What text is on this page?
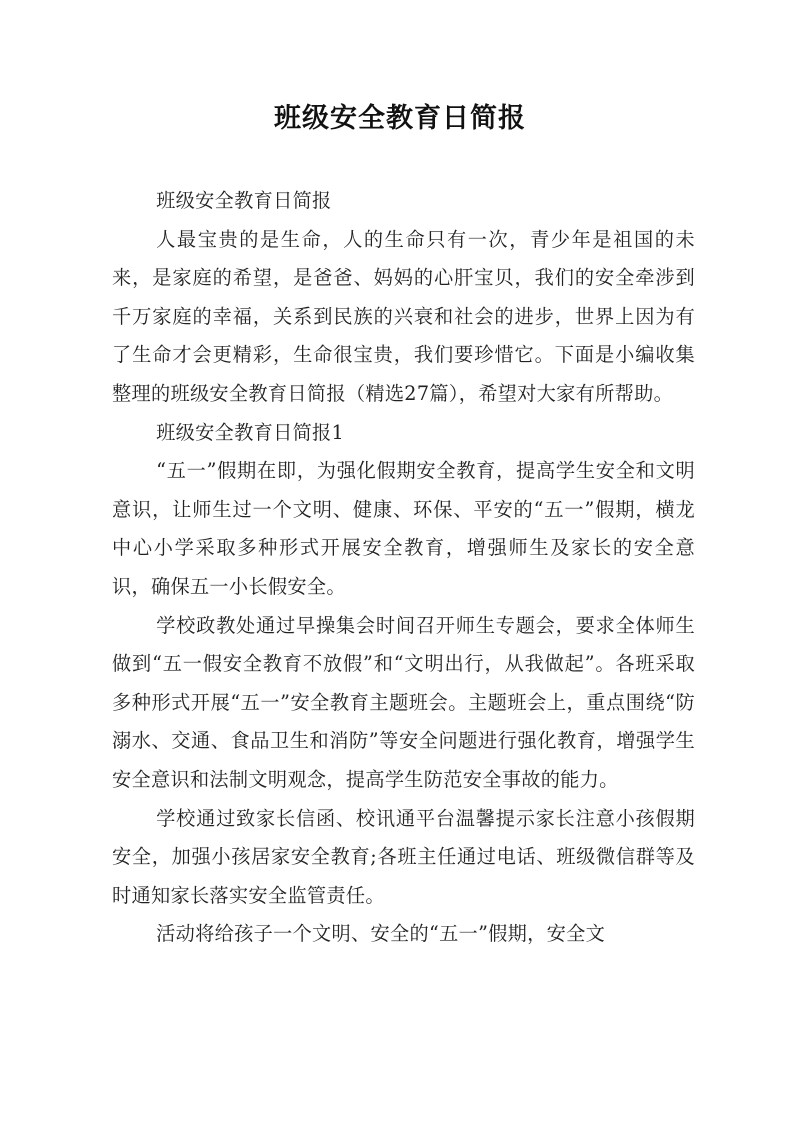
班级安全教育日简报

班级安全教育日简报

人最宝贵的是生命，人的生命只有一次，青少年是祖国的未来，是家庭的希望，是爸爸、妈妈的心肝宝贝，我们的安全牵涉到千万家庭的幸福，关系到民族的兴衰和社会的进步，世界上因为有了生命才会更精彩，生命很宝贵，我们要珍惜它。下面是小编收集整理的班级安全教育日简报（精选27篇），希望对大家有所帮助。

班级安全教育日简报1

“五一”假期在即，为强化假期安全教育，提高学生安全和文明意识，让师生过一个文明、健康、环保、平安的“五一”假期，横龙中心小学采取多种形式开展安全教育，增强师生及家长的安全意识，确保五一小长假安全。

学校政教处通过早操集会时间召开师生专题会，要求全体师生做到“五一假安全教育不放假”和“文明出行，从我做起”。各班采取多种形式开展“五一”安全教育主题班会。主题班会上，重点围绕“防溺水、交通、食品卫生和消防”等安全问题进行强化教育，增强学生安全意识和法制文明观念，提高学生防范安全事故的能力。

学校通过致家长信函、校讯通平台温馨提示家长注意小孩假期安全，加强小孩居家安全教育;各班主任通过电话、班级微信群等及时通知家长落实安全监管责任。

活动将给孩子一个文明、安全的“五一”假期，安全文
